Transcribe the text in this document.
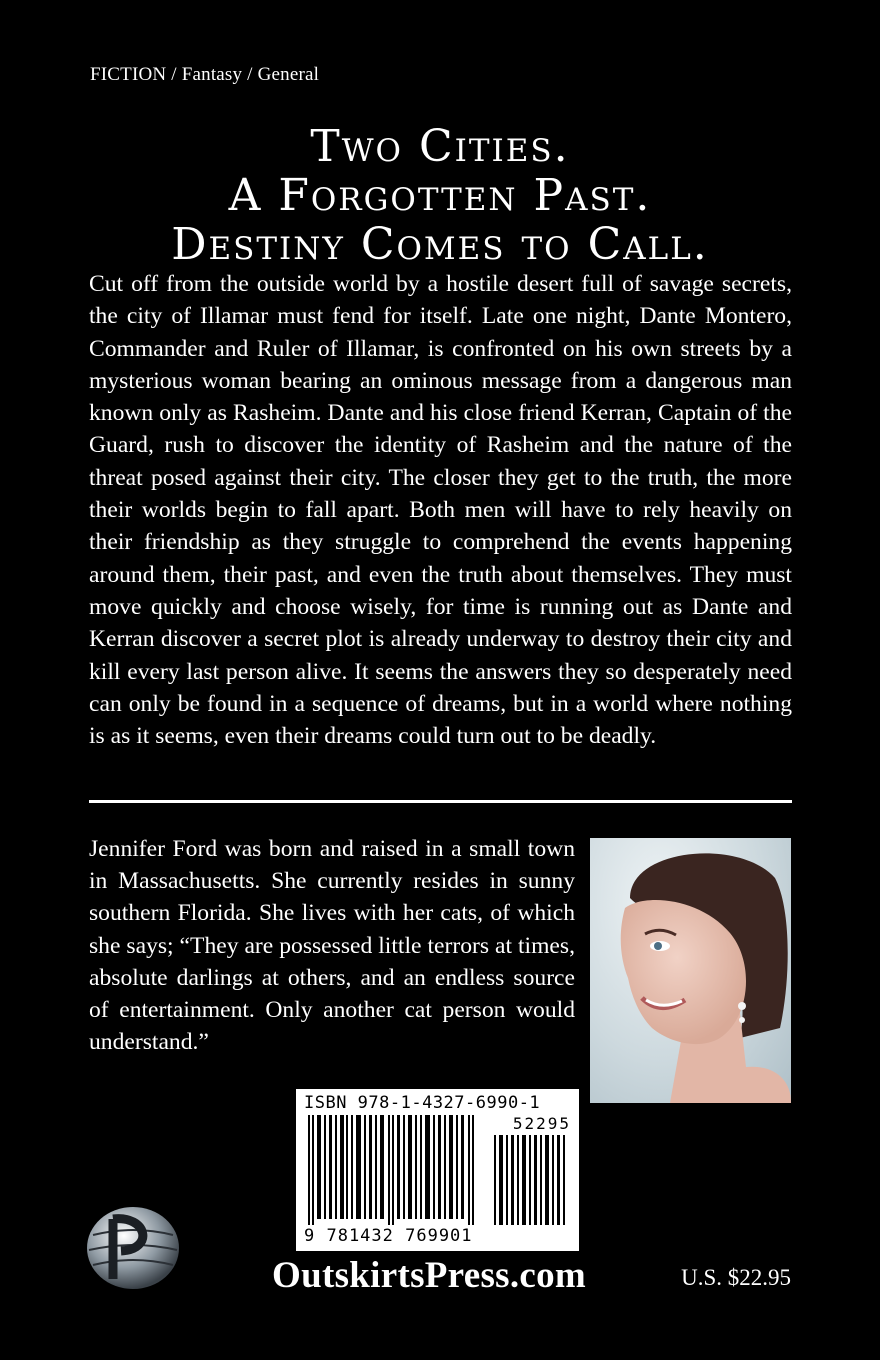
FICTION / Fantasy / General
Two Cities.
A Forgotten Past.
Destiny Comes to Call.

Cut off from the outside world by a hostile desert full of savage secrets, the city of Illamar must fend for itself. Late one night, Dante Montero, Commander and Ruler of Illamar, is confronted on his own streets by a mysterious woman bearing an ominous message from a dangerous man known only as Rasheim. Dante and his close friend Kerran, Captain of the Guard, rush to discover the identity of Rasheim and the nature of the threat posed against their city. The closer they get to the truth, the more their worlds begin to fall apart. Both men will have to rely heavily on their friendship as they struggle to comprehend the events happening around them, their past, and even the truth about themselves. They must move quickly and choose wisely, for time is running out as Dante and Kerran discover a secret plot is already underway to destroy their city and kill every last person alive. It seems the answers they so desperately need can only be found in a sequence of dreams, but in a world where nothing is as it seems, even their dreams could turn out to be deadly.

Jennifer Ford was born and raised in a small town in Massachusetts. She currently resides in sunny southern Florida. She lives with her cats, of which she says; “They are possessed little terrors at times, absolute darlings at others, and an endless source of entertainment. Only another cat person would understand.”

ISBN 978-1-4327-6990-1
52295
9 781432 769901
OutskirtsPress.com	U.S. $22.95
